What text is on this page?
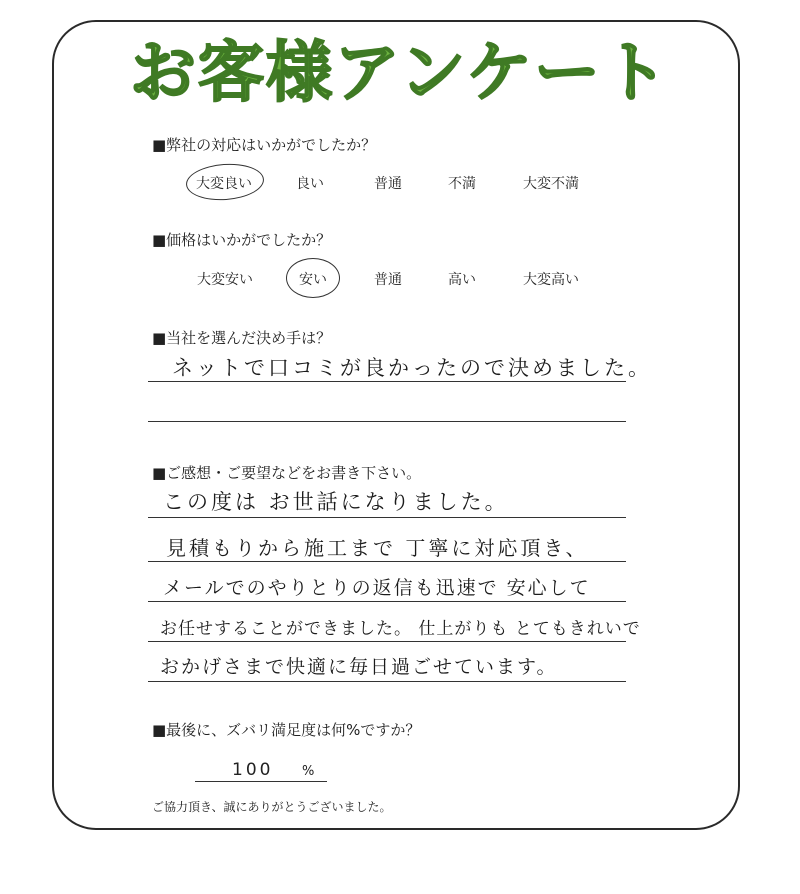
お客様アンケート
■弊社の対応はいかがでしたか？
大変良い	良い	普通	不満	大変不満
■価格はいかがでしたか？
大変安い	安い	普通	高い	大変高い
■当社を選んだ決め手は？
ネットで口コミが良かったので決めました。
■ご感想・ご要望などをお書き下さい。
この度は お世話になりました。
見積もりから施工まで 丁寧に対応頂き、
メールでのやりとりの返信も迅速で 安心して
お任せすることができました。 仕上がりも とてもきれいで
おかげさまで快適に毎日過ごせています。
■最後に、ズバリ満足度は何%ですか？
100 %
ご協力頂き、誠にありがとうございました。
